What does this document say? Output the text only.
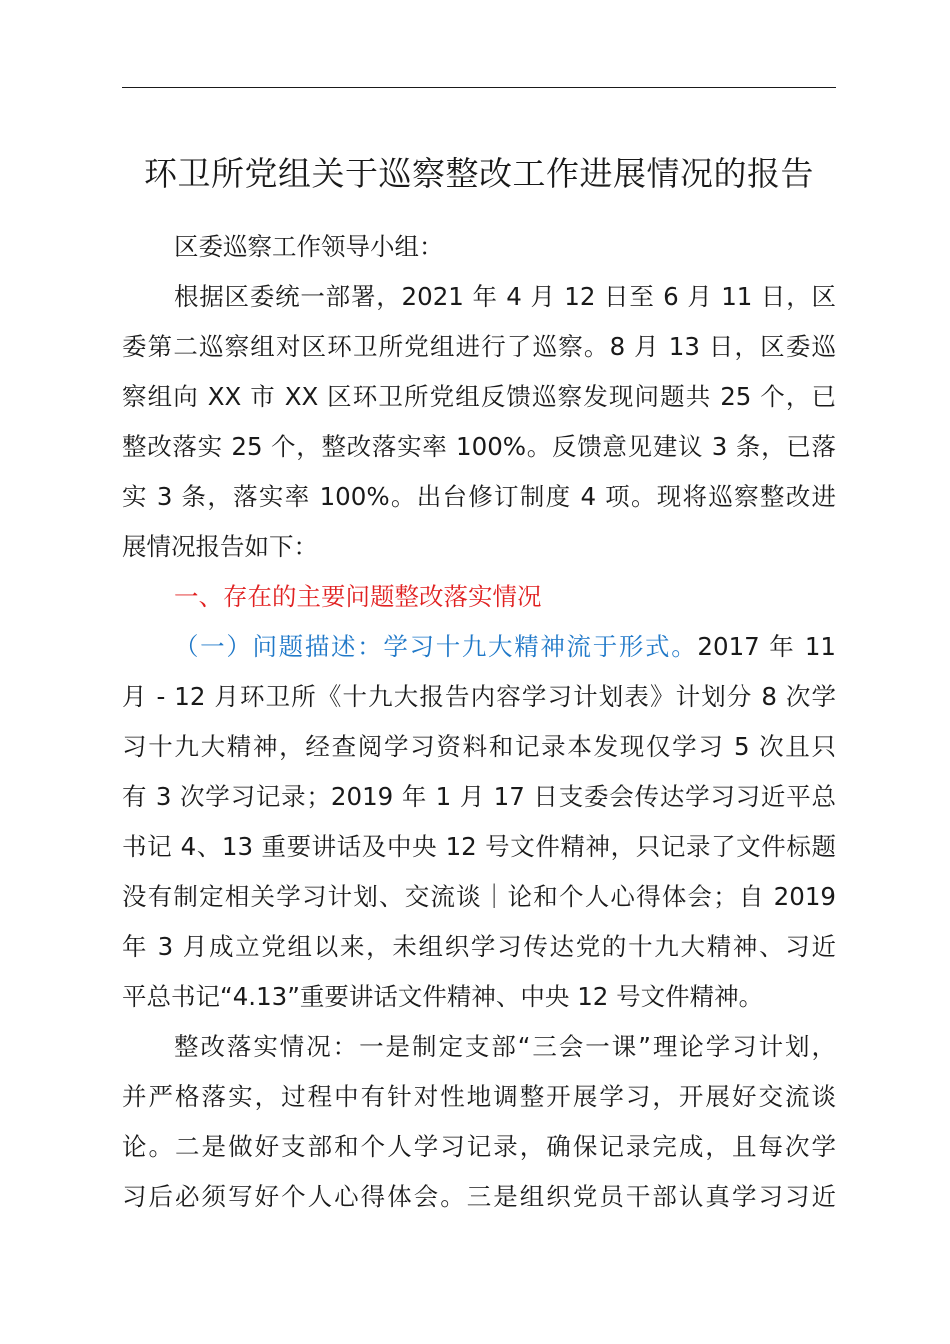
环卫所党组关于巡察整改工作进展情况的报告
区委巡察工作领导小组：
根据区委统一部署，2021 年 4 月 12 日至 6 月 11 日，区
委第二巡察组对区环卫所党组进行了巡察。8 月 13 日，区委巡
察组向 XX 市 XX 区环卫所党组反馈巡察发现问题共 25 个，已
整改落实 25 个，整改落实率 100%。反馈意见建议 3 条，已落
实 3 条，落实率 100%。出台修订制度 4 项。现将巡察整改进
展情况报告如下：
一、存在的主要问题整改落实情况
（一）问题描述：学习十九大精神流于形式。2017 年 11
月 - 12 月环卫所《十九大报告内容学习计划表》计划分 8 次学
习十九大精神，经查阅学习资料和记录本发现仅学习 5 次且只
有 3 次学习记录；2019 年 1 月 17 日支委会传达学习习近平总
书记 4、13 重要讲话及中央 12 号文件精神，只记录了文件标题
没有制定相关学习计划、交流谈｜论和个人心得体会；自 2019
年 3 月成立党组以来，未组织学习传达党的十九大精神、习近
平总书记“4.13”重要讲话文件精神、中央 12 号文件精神。
整改落实情况：一是制定支部“三会一课”理论学习计划，
并严格落实，过程中有针对性地调整开展学习，开展好交流谈
论。二是做好支部和个人学习记录，确保记录完成，且每次学
习后必须写好个人心得体会。三是组织党员干部认真学习习近
